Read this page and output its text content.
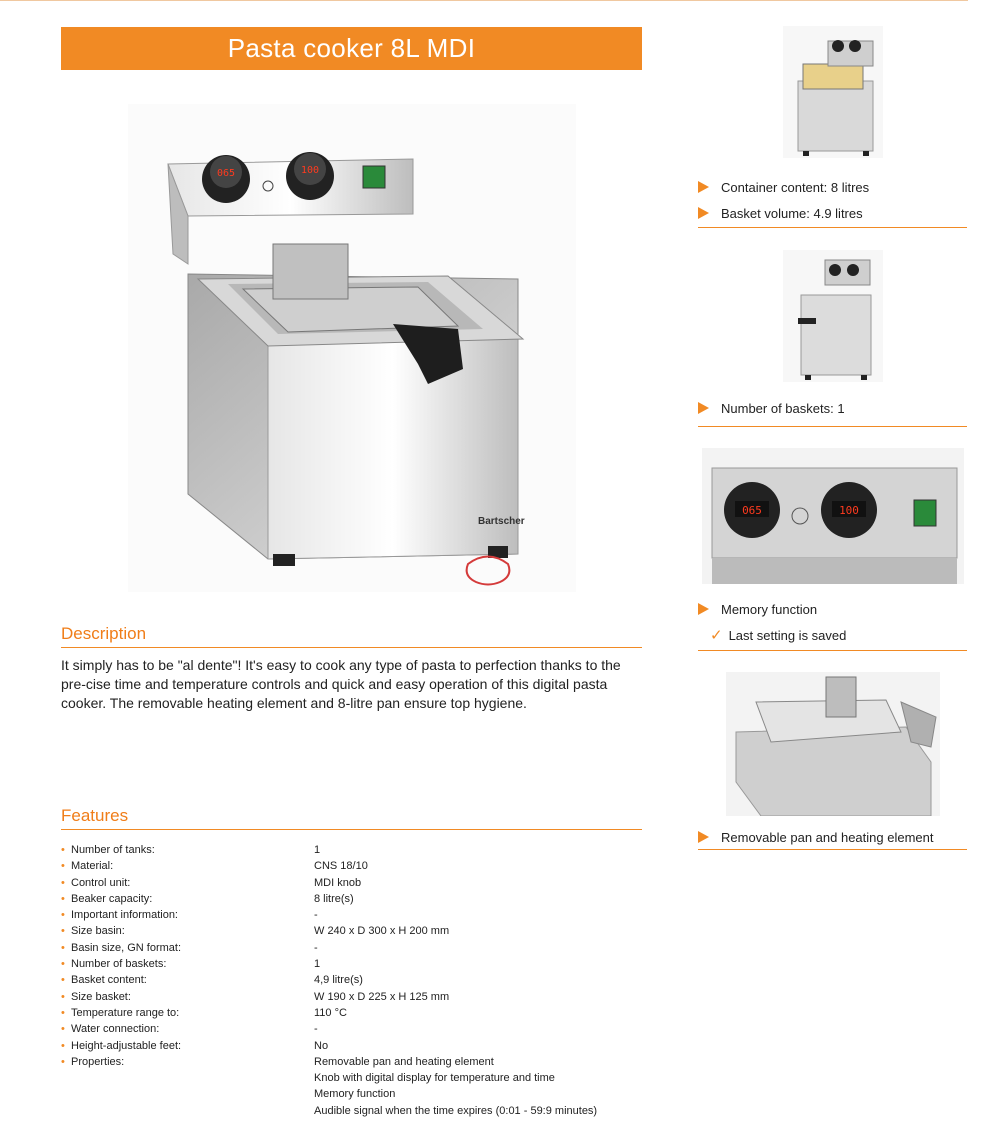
Pasta cooker 8L MDI
065	100
Bartscher
Description
It simply has to be "al dente"! It's easy to cook any type of pasta to perfection thanks to the pre-cise time and temperature controls and quick and easy operation of this digital pasta cooker. The removable heating element and 8-litre pan ensure top hygiene.
Features
• Number of tanks:	1
• Material:	CNS 18/10
• Control unit:	MDI knob
• Beaker capacity:	8 litre(s)
• Important information:	-
• Size basin:	W 240 x D 300 x H 200 mm
• Basin size, GN format:	-
• Number of baskets:	1
• Basket content:	4,9 litre(s)
• Size basket:	W 190 x D 225 x H 125 mm
• Temperature range to:	110 °C
• Water connection:	-
• Height-adjustable feet:	No
• Properties:	Removable pan and heating element
Knob with digital display for temperature and time
Memory function
Audible signal when the time expires (0:01 - 59:9 minutes)
Container content: 8 litres
Basket volume: 4.9 litres
Number of baskets: 1
065	100
Memory function
✓ Last setting is saved
Removable pan and heating element
